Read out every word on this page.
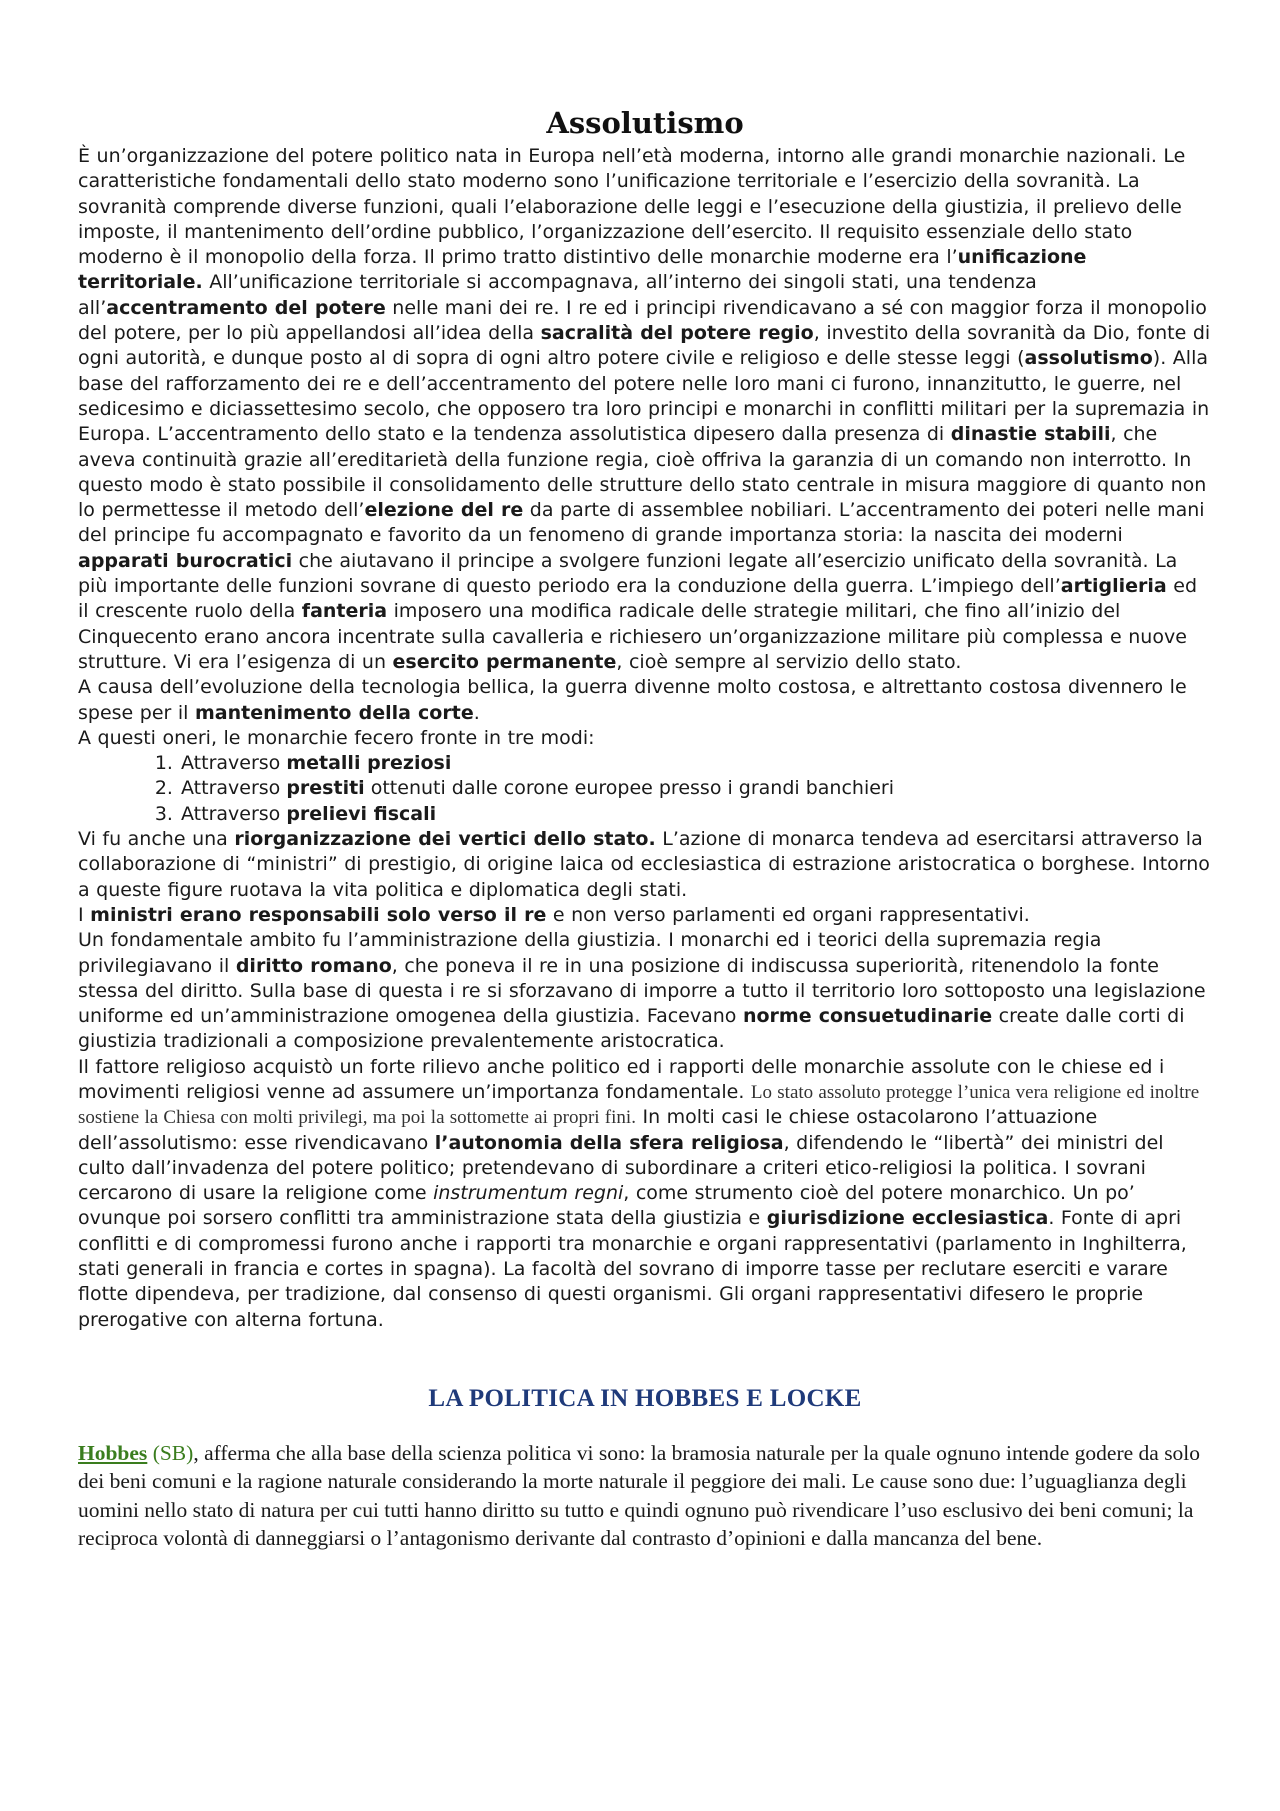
Assolutismo

È un’organizzazione del potere politico nata in Europa nell’età moderna, intorno alle grandi monarchie nazionali. Le caratteristiche fondamentali dello stato moderno sono l’unificazione territoriale e l’esercizio della sovranità. La sovranità comprende diverse funzioni, quali l’elaborazione delle leggi e l’esecuzione della giustizia, il prelievo delle imposte, il mantenimento dell’ordine pubblico, l’organizzazione dell’esercito. Il requisito essenziale dello stato moderno è il monopolio della forza. Il primo tratto distintivo delle monarchie moderne era l’unificazione territoriale. All’unificazione territoriale si accompagnava, all’interno dei singoli stati, una tendenza all’accentramento del potere nelle mani dei re. I re ed i principi rivendicavano a sé con maggior forza il monopolio del potere, per lo più appellandosi all’idea della sacralità del potere regio, investito della sovranità da Dio, fonte di ogni autorità, e dunque posto al di sopra di ogni altro potere civile e religioso e delle stesse leggi (assolutismo). Alla base del rafforzamento dei re e dell’accentramento del potere nelle loro mani ci furono, innanzitutto, le guerre, nel sedicesimo e diciassettesimo secolo, che opposero tra loro principi e monarchi in conflitti militari per la supremazia in Europa. L’accentramento dello stato e la tendenza assolutistica dipesero dalla presenza di dinastie stabili, che aveva continuità grazie all’ereditarietà della funzione regia, cioè offriva la garanzia di un comando non interrotto. In questo modo è stato possibile il consolidamento delle strutture dello stato centrale in misura maggiore di quanto non lo permettesse il metodo dell’elezione del re da parte di assemblee nobiliari. L’accentramento dei poteri nelle mani del principe fu accompagnato e favorito da un fenomeno di grande importanza storia: la nascita dei moderni apparati burocratici che aiutavano il principe a svolgere funzioni legate all’esercizio unificato della sovranità. La più importante delle funzioni sovrane di questo periodo era la conduzione della guerra. L’impiego dell’artiglieria ed il crescente ruolo della fanteria imposero una modifica radicale delle strategie militari, che fino all’inizio del Cinquecento erano ancora incentrate sulla cavalleria e richiesero un’organizzazione militare più complessa e nuove strutture. Vi era l’esigenza di un esercito permanente, cioè sempre al servizio dello stato.

A causa dell’evoluzione della tecnologia bellica, la guerra divenne molto costosa, e altrettanto costosa divennero le spese per il mantenimento della corte.

A questi oneri, le monarchie fecero fronte in tre modi:

1. Attraverso metalli preziosi
2. Attraverso prestiti ottenuti dalle corone europee presso i grandi banchieri
3. Attraverso prelievi fiscali

Vi fu anche una riorganizzazione dei vertici dello stato. L’azione di monarca tendeva ad esercitarsi attraverso la collaborazione di “ministri” di prestigio, di origine laica od ecclesiastica di estrazione aristocratica o borghese. Intorno a queste figure ruotava la vita politica e diplomatica degli stati.

I ministri erano responsabili solo verso il re e non verso parlamenti ed organi rappresentativi.

Un fondamentale ambito fu l’amministrazione della giustizia. I monarchi ed i teorici della supremazia regia privilegiavano il diritto romano, che poneva il re in una posizione di indiscussa superiorità, ritenendolo la fonte stessa del diritto. Sulla base di questa i re si sforzavano di imporre a tutto il territorio loro sottoposto una legislazione uniforme ed un’amministrazione omogenea della giustizia. Facevano norme consuetudinarie create dalle corti di giustizia tradizionali a composizione prevalentemente aristocratica.

Il fattore religioso acquistò un forte rilievo anche politico ed i rapporti delle monarchie assolute con le chiese ed i movimenti religiosi venne ad assumere un’importanza fondamentale. Lo stato assoluto protegge l’unica vera religione ed inoltre sostiene la Chiesa con molti privilegi, ma poi la sottomette ai propri fini. In molti casi le chiese ostacolarono l’attuazione dell’assolutismo: esse rivendicavano l’autonomia della sfera religiosa, difendendo le “libertà” dei ministri del culto dall’invadenza del potere politico; pretendevano di subordinare a criteri etico-religiosi la politica. I sovrani cercarono di usare la religione come instrumentum regni, come strumento cioè del potere monarchico. Un po’ ovunque poi sorsero conflitti tra amministrazione stata della giustizia e giurisdizione ecclesiastica. Fonte di apri conflitti e di compromessi furono anche i rapporti tra monarchie e organi rappresentativi (parlamento in Inghilterra, stati generali in francia e cortes in spagna). La facoltà del sovrano di imporre tasse per reclutare eserciti e varare flotte dipendeva, per tradizione, dal consenso di questi organismi. Gli organi rappresentativi difesero le proprie prerogative con alterna fortuna.

LA POLITICA IN HOBBES E LOCKE

Hobbes (SB), afferma che alla base della scienza politica vi sono: la bramosia naturale per la quale ognuno intende godere da solo dei beni comuni e la ragione naturale considerando la morte naturale il peggiore dei mali. Le cause sono due: l’uguaglianza degli uomini nello stato di natura per cui tutti hanno diritto su tutto e quindi ognuno può rivendicare l’uso esclusivo dei beni comuni; la reciproca volontà di danneggiarsi o l’antagonismo derivante dal contrasto d’opinioni e dalla mancanza del bene.
